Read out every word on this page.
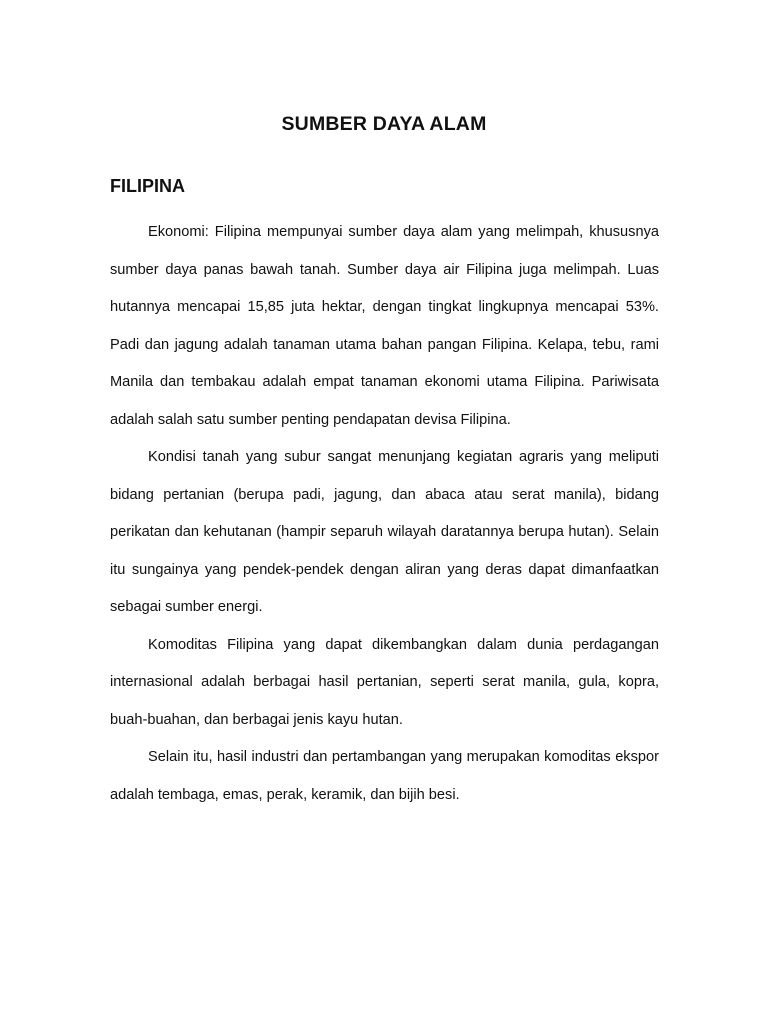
SUMBER DAYA ALAM
FILIPINA

Ekonomi: Filipina mempunyai sumber daya alam yang melimpah, khususnya sumber daya panas bawah tanah. Sumber daya air Filipina juga melimpah. Luas hutannya mencapai 15,85 juta hektar, dengan tingkat lingkupnya mencapai 53%. Padi dan jagung adalah tanaman utama bahan pangan Filipina. Kelapa, tebu, rami Manila dan tembakau adalah empat tanaman ekonomi utama Filipina. Pariwisata adalah salah satu sumber penting pendapatan devisa Filipina.

Kondisi tanah yang subur sangat menunjang kegiatan agraris yang meliputi bidang pertanian (berupa padi, jagung, dan abaca atau serat manila), bidang perikatan dan kehutanan (hampir separuh wilayah daratannya berupa hutan). Selain itu sungainya yang pendek-pendek dengan aliran yang deras dapat dimanfaatkan sebagai sumber energi.

Komoditas Filipina yang dapat dikembangkan dalam dunia perdagangan internasional adalah berbagai hasil pertanian, seperti serat manila, gula, kopra, buah-buahan, dan berbagai jenis kayu hutan.

Selain itu, hasil industri dan pertambangan yang merupakan komoditas ekspor adalah tembaga, emas, perak, keramik, dan bijih besi.
